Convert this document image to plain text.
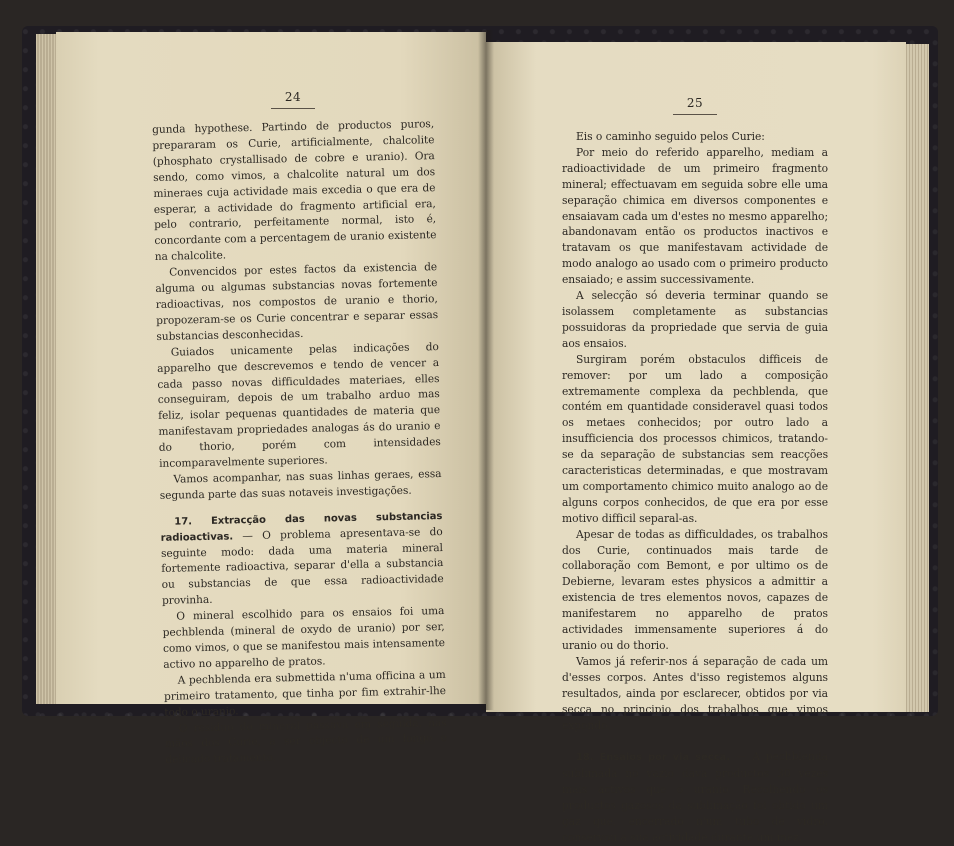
24

gunda hypothese. Partindo de productos puros, prepararam os Curie, artificialmente, chalcolite (phosphato crystallisado de cobre e uranio). Ora sendo, como vimos, a chalcolite natural um dos mineraes cuja actividade mais excedia o que era de esperar, a actividade do fragmento artificial era, pelo contrario, perfeitamente normal, isto é, concordante com a percentagem de uranio existente na chalcolite.

Convencidos por estes factos da existencia de alguma ou algumas substancias novas fortemente radioactivas, nos compostos de uranio e thorio, propozeram-se os Curie concentrar e separar essas substancias desconhecidas.

Guiados unicamente pelas indicações do apparelho que descrevemos e tendo de vencer a cada passo novas difficuldades materiaes, elles conseguiram, depois de um trabalho arduo mas feliz, isolar pequenas quantidades de materia que manifestavam propriedades analogas ás do uranio e do thorio, porém com intensidades incomparavelmente superiores.

Vamos acompanhar, nas suas linhas geraes, essa segunda parte das suas notaveis investigações.

17. Extracção das novas substancias radioactivas. — O problema apresentava-se do seguinte modo: dada uma materia mineral fortemente radioactiva, separar d'ella a substancia ou substancias de que essa radioactividade provinha.

O mineral escolhido para os ensaios foi uma pechblenda (mineral de oxydo de uranio) por ser, como vimos, o que se manifestou mais intensamente activo no apparelho de pratos.

A pechblenda era submettida n'uma officina a um primeiro tratamento, que tinha por fim extrahir-lhe todo o uranio.

O residuo do mineral passava em seguida, nas mãos dos Curie, a ser objecto de um longo e delicado tratamento.

25

Eis o caminho seguido pelos Curie:

Por meio do referido apparelho, mediam a radioactividade de um primeiro fragmento mineral; effectuavam em seguida sobre elle uma separação chimica em diversos componentes e ensaiavam cada um d'estes no mesmo apparelho; abandonavam então os productos inactivos e tratavam os que manifestavam actividade de modo analogo ao usado com o primeiro producto ensaiado; e assim successivamente.

A selecção só deveria terminar quando se isolassem completamente as substancias possuidoras da propriedade que servia de guia aos ensaios.

Surgiram porém obstaculos difficeis de remover: por um lado a composição extremamente complexa da pechblenda, que contém em quantidade consideravel quasi todos os metaes conhecidos; por outro lado a insufficiencia dos processos chimicos, tratando-se da separação de substancias sem reacções caracteristicas determinadas, e que mostravam um comportamento chimico muito analogo ao de alguns corpos conhecidos, de que era por esse motivo difficil separal-as.

Apesar de todas as difficuldades, os trabalhos dos Curie, continuados mais tarde de collaboração com Bemont, e por ultimo os de Debierne, levaram estes physicos a admittir a existencia de tres elementos novos, capazes de manifestarem no apparelho de pratos actividades immensamente superiores á do uranio ou do thorio.

Vamos já referir-nos á separação de cada um d'esses corpos. Antes d'isso registemos alguns resultados, ainda por esclarecer, obtidos por via secca no principio dos trabalhos que vimos expondo.

18. Ensaios por via secca. — A pechblenda sublimada no vazio dava productos 30 vezes mais activos que o uranio. Recolhendo os productos gazosos da sublimação foi obtido um gaz que, encerrado n'um tubo de vidro, conservou a sua actividade durante um mez,
